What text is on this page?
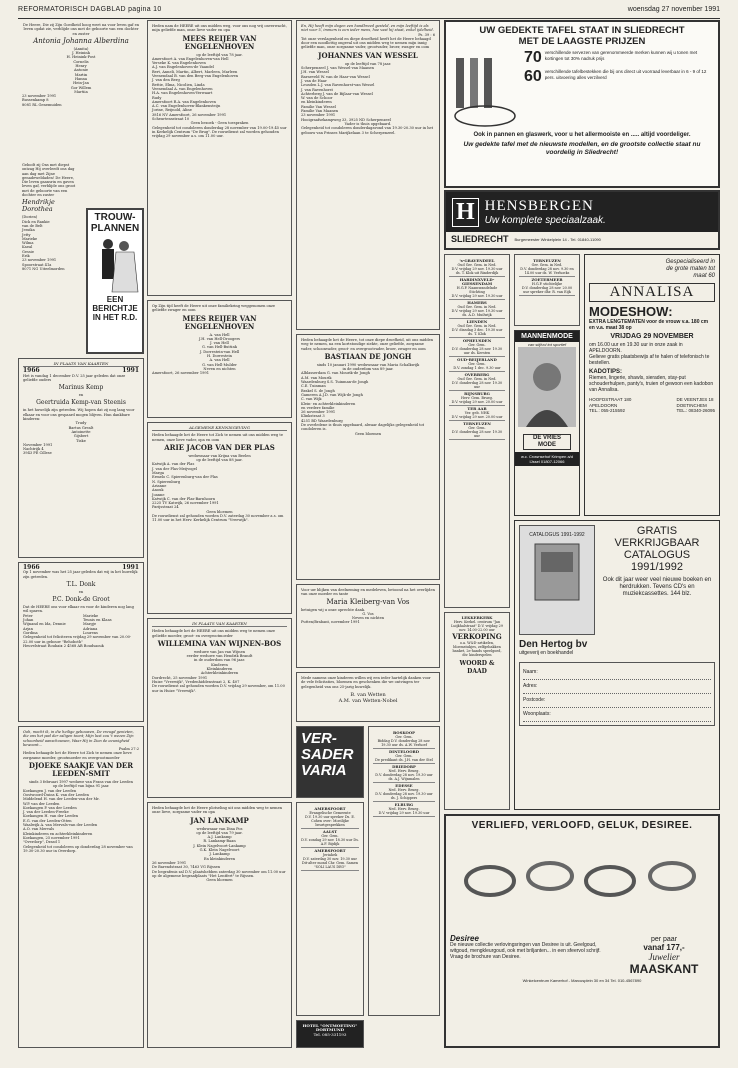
REFORMATORISCH DAGBLAD pagina 10	woensdag 27 november 1991
De Heere, Die zij Zijn Goedheid hoog weet na voor leven gaf en leven opdat zie, verblijde ons met de geboorte van een dochter en zuster
Antonia Johanna Alberdina
(Annita)
J. Heinink
H. Heinink-Post
Cornelis
Henry
Antonie
Martin
Hanna
Hein-Jan
Gor Willem
Martiia
23 november 1991
Bussenkamp 8
8081 RL Genemuiden
Gebodt zij Ons met diepst ontzag Hij overleedt ons dag aan dag met Zijne genadeweldaden! De Heere, Die leven gaansrin en gaven leven gaf, verblijde ons groot met de geboorte van een dochter en zuster
Hendrikje Dorothea
(Dorien)
Dick en Rankie
van de Belt
Jessika
Jetty
Marieke
Wilma
Kaeal
Gessie
Erik
23 november 1991
Spoorstraat 41a
8071 NG Uiteelmorden
TROUW-PLANNEN
EEN BERICHTJE IN HET R.D.
IN PLAATS VAN KAARTEN
1966	1991
Het is vandag 1 december D.V. 25 jaar geleden dat onze geliefde ouders
Marinus Kemp
en
Geertruida Kemp-van Steenis
in het huwelijk zijn getreden. Wij hopen dat zij nog lang voor elkaar en voor ons gespaard mogen blijven. Hun dankbare kinderen:
Trudy
Bartus Grealt
Antoinette
Gijsbert
Tiske
November 1991
Nachtrijk 4
3943 PE Cillese
1966	1991
Op 1 november was het 25 jaar geleden dat wij in het huwelijk zijn getreden.
T.L. Donk
en
P.C. Donk-de Groot
Dat de HEERE ons voor elkaar en voor de kinderen nog lang wil sparen.
Peter
Johan
Wijnand en Ida, Dennie
Arjan
Gordina
Marieke
Teunis en Klaas
Margje
Adriana
Lourens
Gelegenheid tot feliciteren vrijdag 29 november van 20.00-22.00 uur in gebouw "Rehoboth"
Heuvelstraat Roubaix 2 4568 AB Boudsaouk
Ooh, mocht ik, in die heilige gebouwen, De vreugd genieten, die ons het pad der zaligen toont; Mijn lust zou 't wezen Zijn schoonheid aanschouwen, Waar Hij in Zion de eeuwigheid bewoont...
Psalm 27:2
Heden behaagde het de Heere tot Zich te nemen onze lieve zorgzame moeder, grootmoeder en overgrootmoeder
DJOEKE SAAKJE VAN DER LEEDEN-SMIT
sinds 3 februari 1997 weduwe van Frans van der Leeden
op de leeftijd van bijna 91 jaar.
Koekangen J. van der Leeden
Oostwoord-Duins K. van der Leeden
Middelend H. van der Leeden-van der Mr.
W.P. van der Leeden
Koekangen P. van der Leeden
J. van der Leeden-Freeke
Koekangen H. van der Leeden
E.G. van der Leeden-Otten
Waalwijk A. van Mervals-van der Leeden
A.O. van Mervals
Kleinkinderen en achterkleinkinderen
Koekangen, 25 november 1991
"Overdorp", Drasd 1
Gelegenheid tot condoleren op donderdag 28 november van 19.30-20.30 uur in Overdorp.
Heden nam de HEERE uit ons midden weg, voor ons nog vrij onverwacht, mijn geliefde man, onze lieve vader en opa
MEES REIJER VAN ENGELENHOVEN
op de leeftijd van 78 jaar.
Amersfoort A. van Engelenhoven-van Hell
Yerseke K. van Engelenhoven
A.J. van Engelenhoven-de Vaandel
Bert, Anneli, Martin, Albert, Marleen, Marleen
Veenendaal B. van den Berg-van Engelenhoven
J. van den Berg
Bettie, Elma, Nicolien, Linda
Veenendaal A. van Engelenhoven
H.A. van Engelenhoven-Verwaart
Rudy
Amersfoort R.A. van Engelenhoven
A.C. van Engelenhoven-Blankensteijn
Jorine, Reijnold, Aline
3816 NV Amersfoort, 26 november 1991
Scheurtensstraat 10
Geen bezoek - Geen toespraken
Gelegenheid tot condoleren donderdag 28 november van 19.00-19.45 uur in Kerkelijk Centrum "De Brug". De rouwdienst zal worden gehouden vrijdag 29 november a.s. om 11.00 uur.
Op Zijn tijd heeft de Heere uit onze familiekring weggenomen onze geliefde zwager en oom
MEES REIJER VAN ENGELENHOVEN
A. van Hell
J.H. van Hell-Droogers
J. van Hell
G. van Hell-Buttink
J. Dorrestein-van Hell
H. Dorrestein
A. van Hell
G. van Hell-Mulder
Neven en nichten
Amersfoort, 26 november 1991
ALGEMENE KENNISGEVING
Heden behaagde het de Heere tot Zich te nemen uit ons midden weg te nemen, onze lieve vader, opa en oom
ARIE JACOB VAN DER PLAS
weduwnaar van Krijna van Beelen
op de leeftijd van 88 jaar.
Katwijk A. van der Plas
J. van der Plas-Meijvogel
Marga
Ermelo C. Spierenburg-van der Plas
N. Spierenburg
Arianne
Anouk
Joanne
Katwijk C. van der Plas-Barnhoorn
2225 TV Katwijk, 26 november 1991
Parijsstraat 24
Geen bloemen
De rouwdienst zal gehouden worden D.V. zaterdag 30 november a.s. om 11.00 uur in het Herv. Kerkelijk Centrum "Vreewijk".
IN PLAATS VAN KAARTEN
Heden behaagde het de HEERE uit ons midden weg te nemen onze geliefde moeder, groot- en overgrootmoeder
WILLEMINA VAN WIJNEN-BOS
weduwe van Jan van Wijnen
eerder weduwe van Hendrik Brandt
in de ouderdom van 96 jaar.
Kinderen
Kleinkinderen
Achterkleinkinderen
Dordrecht, 25 november 1991
Huize "Vreewijk", Vredenhiddenstraat 2, K. 407
De rouwdienst zal gehouden worden D.V. vrijdag 29 november, om 11.00 uur in Huize "Vreewijk".
Heden behaagde het de Heere plotseling uit ons midden weg te nemen onze lieve, zorgzame vader en opa
JAN LANKAMP
weduwnaar van Dina Pos
op de leeftijd van 79 jaar.
A.J. Lankamp
R. Lankamp-Baan
J. Klein Nagelvoort-Lankamp
G.K. Klein Nagelvoort
J. Lankamp
En kleinkinderen
26 november 1991
De Barendstraat 30, 7463 VG Rijssen
De begrafenis zal D.V. plaatshebben zaterdag 30 november om 11.00 uur op de algemene begraafplaats "Het Lentfert" te Rijssen.
Geen bloemen
En, Hij heeft mijn dagen een handbreed gesteld, en mijn leeftijd is als niet voor U, immers is een ieder mens, hoe vast hij staat, enkel ijdelheid.
Ps. 39 : 6
Tot onze verslagenheid en diepe droefheid heeft het de Heere behaagd door een noodlottig ongeval uit ons midden weg te nemen mijn innig geliefde man, onze zorgzame vader, grootvader, broer, zwager en oom
JOHANNES VAN WESSEL
op de leeftijd van 78 jaar.
Scherpenzeel J. van Wessel-van Maanen
J.H. van Wessel
Barneveld W. van de Haar-van Wessel
J. van de Haar
Leusden L.J. van Ravenhorst-van Wessel
J. van Ravenhorst
Achterberg J. van de Bijlaar-van Wessel
W. van de Schoor
en kleinkinderen
Familie Van Wessel
Familie Van Maanen
23 november 1991
Hooigraafsekampweg 33, 3925 ND Scherpenzeel
Vader is thuis opgebaard.
Gelegenheid tot condoleren donderdagavond van 19.30-20.30 uur in het gebouw van Prinses Marijkelaan 3 te Scherpenzeel.
Heden behaagde het de Heere, tot onze diepe droefheid, uit ons midden weg te nemen, na een kortstondige ziekte, onze geliefde, zorgzame vader, schoonvader, groot- en overgrootvader, broer, zwager en oom
BASTIAAN DE JONGH
sinds 10 januari 1990 weduwnaar van Maria Schalkwijk
in de ouderdom van 89 jaar.
Alblasserdam G. van Mourik-de Jongh
A.M. van Mourik
Waardenburg S.S. Tuinman-de Jongh
C.E. Tuinman
Brakel S. de Jongh
Gameren A.J.D. van Wijk-de Jongh
C. van Wijk
Klein- en achterkleinkinderen
en verdere familie
26 november 1991
Klinkstraat 3
4251 BD Waardenburg
De overledene is thuis opgebaard, alwaar dagelijks gelegenheid tot condoleren is.
Geen bloemen
Voor uw blijken van deelneming en medeleven, betoond na het overlijden van onze moeder en tante
Maria Kleiberg-van Vos
betuigen wij u onze oprechte dank.
G. Vos
Neven en nichten
Putten/Brabant, november 1991
Mede namens onze kinderen willen wij een ieder hartelijk danken voor de vele felicitaties, bloemen en geschenken die we ontvingen ter gelegenheid van ons 25-jarig huwelijk.
B. van Wetten
A.M. van Wetten-Nobel
VER-SADER VARIA
AMERSFOORT
Evangelische Gemeente
D.V. 19.30 uur spreker Ds. E. Cohen over: Moeilijke beurtgesprekken
AALST
Ger. Gem.
D.V. zondag 29 nov. 18.30 uur Ds. A.F. Bijdijk
AMERSFOORT
Jeriahek
D.V. zaterdag 30 nov. 19.30 uur Dit-alter mond Chr. Gem. Samen "SOLI LAUS DEO"
BOSKOOP
Ger. Gem.
Biddag D.V. donderdag 28 nov. 19.30 uur ds. A.W. Verhoef
DINTELOORD
Ger. Gem.
De predikant ds. J.H. van der Stel
DRIEDORP
Ned. Herv. Brueg.
D.V. donderdag 28 nov. 19.30 uur ds. A.J. Wijnmalen
EDESSE
Ned. Herv. Brueg.
D.V. donderdag 28 nov. 19.30 uur ds. J. Schippers
ELBURG
Ned. Herv. Brueg.
D.V. vrijdag 29 nov. 19.30 uur
HOTEL "ONTMOETING" DORTMUND
Tel. 085-331193
UW GEDEKTE TAFEL STAAT IN SLIEDRECHT
MET DE LAAGSTE PRIJZEN
70 verschillende servezen van gerenommeerde merken kunnen wij u tonen met kortingen tot 30% nadruk prijs
60 verschillende tafelbestekken die bij ons direct uit voorraad leverbaar in 6 - 9 of 12 pers. uitvoering alles verzilverd
Ook in pannen en glaswerk, voor u het allermooiste en ..... altijd voordeliger.
Uw gedekte tafel met de nieuwste modellen, en de grootste collectie staat nu voordelig in Sliedrecht!
H HENSBERGEN
Uw komplete speciaalzaak.
SLIEDRECHT Burgemeester Winkelplein 14 - Tel. 01840-11090
's-GRAVENDEEL
Oud Ger. Gem. in Ned.
D.V. vrijdag 29 nov. 19.30 uur ds. T. Klok uit Rinderdijk
HARDINXVELD-GIESSENDAM
H.G.P. Naamwandelnde Stichting
D.V. vrijdag 29 nov. 19.30 uur
HAMERS
Oud Ger. Gem. in Ned.
D.V. vrijdag 29 nov. 19.30 uur ds. A.D. Muilwijk
LIENDEN
Oud Ger. Gem. in Ned.
D.V. dinsdag 3 dec. 19.30 uur ds. T. Klok
OPHEUSDEN
Ger. Gem.
D.V. donderdag 28 nov. 19.30 uur ds. Kersten
OUD-BEIJERLAND
Ger. Gem.
D.V. zondag 1 dec. 9.30 uur
OVERBERG
Oud Ger. Gem. in Ned.
D.V. donderdag 28 nov. 19.30 uur
RIJNSBURG
Herv. Gem. Brueg.
D.V. vrijdag 29 nov. 20.00 uur
TER AAR
Ver. geb. NHK
D.V. vrijdag 29 nov. 20.00 uur
TERNEUZEN
Ger. Gem.
D.V. donderdag 28 nov. 19.30 uur
TERNEUZEN
Ger. Gem. in Ned.
D.V. donderdag 28 nov. 9.30 en 14.00 uur ds. W. Verhoeks
ZOETERMEER
H.G.P. stichtelijke
D.V. donderdag 28 nov. 20.00 uur spreker dhr. R. van Eijk
MANNENMODE
van stijlvol tot sportief
DE VRIES MODE
w.c. Crownsehof Krimpen a/d IJssel 01807-12066
Gespecialiseerd in
de grote maten tot
maat 60
ANNALISA
MODESHOW:
EXTRA LENGTEMATEN voor de vrouw v.a. 180 cm en v.a. maat 38 op
VRIJDAG 29 NOVEMBER
om 16.00 uur en 19.30 uur in onze zaak in APELDOORN.
Gelieve gratis plaatsbewijs af te halen of telefonisch te bestellen.
KADOTIPS:
Riemen, lingerie, shawls, sieraden, stay-put schouderhulpen, panty's, truien of gewoon een kadobon van Annalisa.
HOOFDSTRAAT 180
APELDOORN
TEL.: 055-215592
DE VEENTJES 18
DOETINCHEM
TEL.: 08340-26095
CATALOGUS 1991-1992	GRATIS
VERKRIJGBAAR
CATALOGUS
1991/1992
Ook dit jaar weer veel nieuwe boeken en herdrukken. Tevens CD's en muziekcassettes. 144 blz.
Den Hertog bv
uitgeverij en boekhandel
Naam:
Adres:
Postcode:
Woonplaats:
LEKKERKERK
Herv. Kerkel. centrum "Jan Luijkhalstraat" D.V. vrijdag 29 nov. 14.00-22.00 uur
VERKOPING
o.a. W&D-artikelen, bloemstukjes, zelfgebakken banket, 2e-hands speelgoed, div. kinderspelen
WOORD & DAAD
VERLIEFD, VERLOOFD, GELUK, DESIREE.
Desiree
De nieuwe collectie verlovingsringen van Desiree is uit. Geelgoud, witgoud, mengkleurgoud, ook met briljanten... in een sfeervol schrijf. Vraag de brochure van Desiree.
per paar
vanaf 177,-
Juwelier
MAASKANT
Winkelcentrum Kamerhof - Marcusplein 30 en 34 Tel. 010-4567890
